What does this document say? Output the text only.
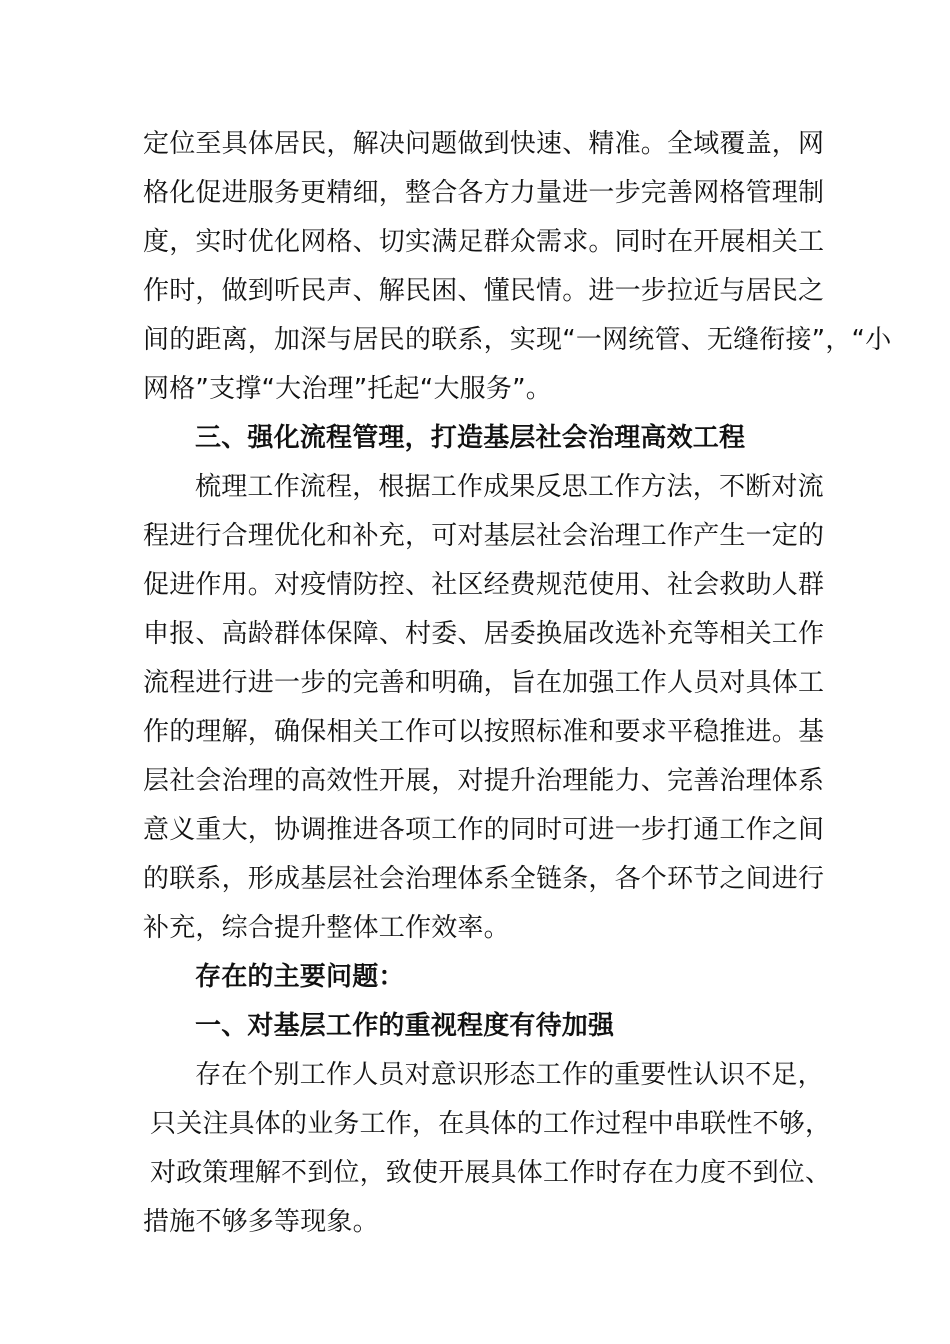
定位至具体居民，解决问题做到快速、精准。全域覆盖，网
格化促进服务更精细，整合各方力量进一步完善网格管理制
度，实时优化网格、切实满足群众需求。同时在开展相关工
作时，做到听民声、解民困、懂民情。进一步拉近与居民之
间的距离，加深与居民的联系，实现“一网统管、无缝衔接”，“小
网格”支撑“大治理”托起“大服务”。
三、强化流程管理，打造基层社会治理高效工程
梳理工作流程，根据工作成果反思工作方法，不断对流
程进行合理优化和补充，可对基层社会治理工作产生一定的
促进作用。对疫情防控、社区经费规范使用、社会救助人群
申报、高龄群体保障、村委、居委换届改选补充等相关工作
流程进行进一步的完善和明确，旨在加强工作人员对具体工
作的理解，确保相关工作可以按照标准和要求平稳推进。基
层社会治理的高效性开展，对提升治理能力、完善治理体系
意义重大，协调推进各项工作的同时可进一步打通工作之间
的联系，形成基层社会治理体系全链条，各个环节之间进行
补充，综合提升整体工作效率。
存在的主要问题：
一、对基层工作的重视程度有待加强
存在个别工作人员对意识形态工作的重要性认识不足，
只关注具体的业务工作，在具体的工作过程中串联性不够，
对政策理解不到位，致使开展具体工作时存在力度不到位、
措施不够多等现象。
